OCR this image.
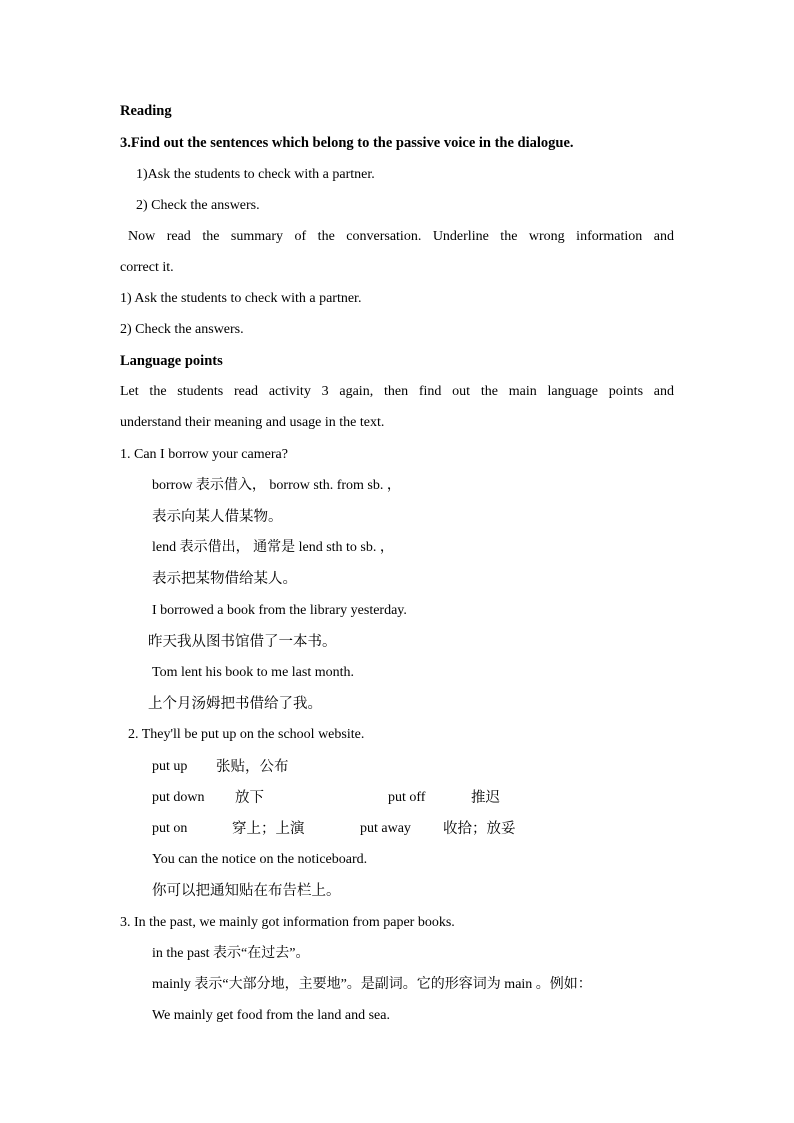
Reading
3.Find out the sentences which belong to the passive voice in the dialogue.
1)Ask the students to check with a partner.
2) Check the answers.
Now read the summary of the conversation. Underline the wrong information and
correct it.
1) Ask the students to check with a partner.
2) Check the answers.
Language points
Let the students read activity 3 again, then find out the main language points and
understand their meaning and usage in the text.
1. Can I borrow your camera?
borrow 表示借入， borrow sth. from sb. ，
表示向某人借某物。
lend 表示借出， 通常是 lend sth to sb. ，
表示把某物借给某人。
I borrowed a book from the library yesterday.
昨天我从图书馆借了一本书。
Tom lent his book to me last month.
上个月汤姆把书借给了我。
2. They'll be put up on the school website.
put up 张贴，公布
put down 放下	put off	推迟
put on	穿上；上演	put away 收拾；放妥
You can the notice on the noticeboard.
你可以把通知贴在布告栏上。
3. In the past, we mainly got information from paper books.
in the past 表示“在过去”。
mainly 表示“大部分地，主要地”。是副词。它的形容词为 main 。例如：
We mainly get food from the land and sea.
